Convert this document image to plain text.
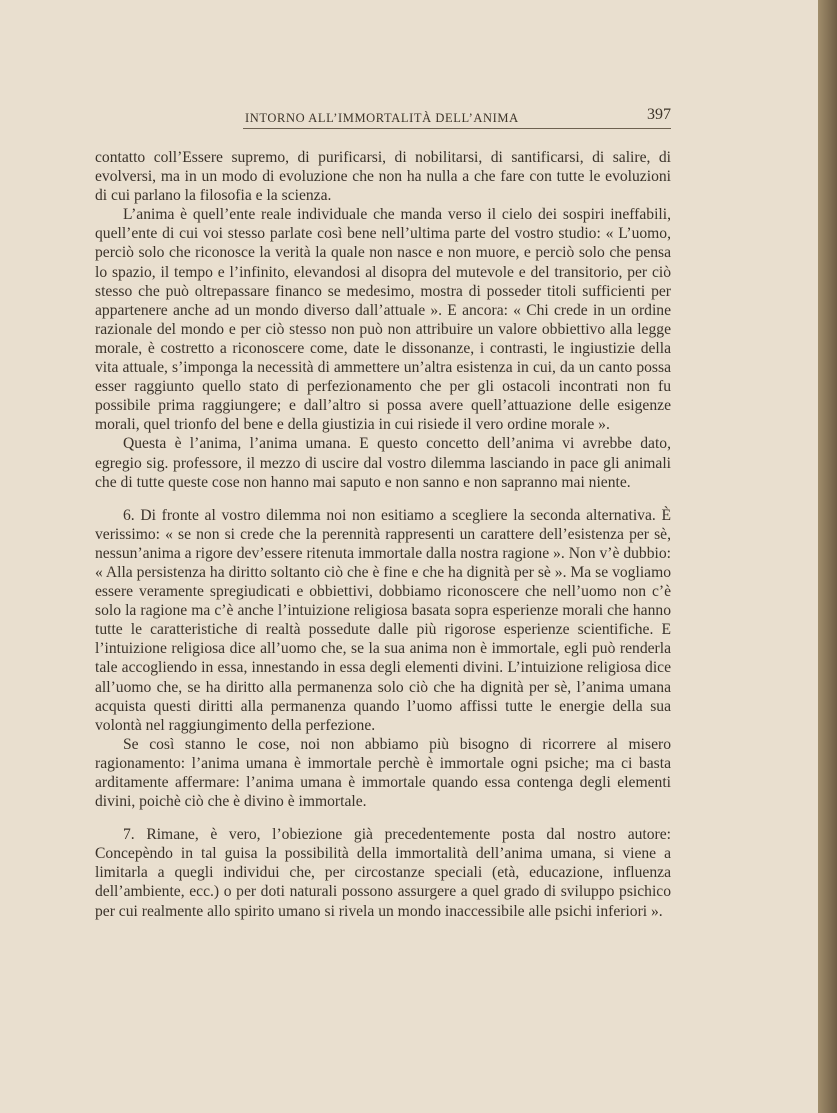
INTORNO ALL’IMMORTALITÀ DELL’ANIMA	397

contatto coll’Essere supremo, di purificarsi, di nobilitarsi, di santificarsi, di salire, di evolversi, ma in un modo di evoluzione che non ha nulla a che fare con tutte le evoluzioni di cui parlano la filosofia e la scienza.

L’anima è quell’ente reale individuale che manda verso il cielo dei sospiri ineffabili, quell’ente di cui voi stesso parlate così bene nell’ultima parte del vostro studio: « L’uomo, perciò solo che riconosce la verità la quale non nasce e non muore, e perciò solo che pensa lo spazio, il tempo e l’infinito, elevandosi al disopra del mutevole e del transitorio, per ciò stesso che può oltrepassare financo se medesimo, mostra di posseder titoli sufficienti per appartenere anche ad un mondo diverso dall’attuale ». E ancora: « Chi crede in un ordine razionale del mondo e per ciò stesso non può non attribuire un valore obbiettivo alla legge morale, è costretto a riconoscere come, date le dissonanze, i contrasti, le ingiustizie della vita attuale, s’imponga la necessità di ammettere un’altra esistenza in cui, da un canto possa esser raggiunto quello stato di perfezionamento che per gli ostacoli incontrati non fu possibile prima raggiungere; e dall’altro si possa avere quell’attuazione delle esigenze morali, quel trionfo del bene e della giustizia in cui risiede il vero ordine morale ».

Questa è l’anima, l’anima umana. E questo concetto dell’anima vi avrebbe dato, egregio sig. professore, il mezzo di uscire dal vostro dilemma lasciando in pace gli animali che di tutte queste cose non hanno mai saputo e non sanno e non sapranno mai niente.

6. Di fronte al vostro dilemma noi non esitiamo a scegliere la seconda alternativa. È verissimo: « se non si crede che la perennità rappresenti un carattere dell’esistenza per sè, nessun’anima a rigore dev’essere ritenuta immortale dalla nostra ragione ». Non v’è dubbio: « Alla persistenza ha diritto soltanto ciò che è fine e che ha dignità per sè ». Ma se vogliamo essere veramente spregiudicati e obbiettivi, dobbiamo riconoscere che nell’uomo non c’è solo la ragione ma c’è anche l’intuizione religiosa basata sopra esperienze morali che hanno tutte le caratteristiche di realtà possedute dalle più rigorose esperienze scientifiche. E l’intuizione religiosa dice all’uomo che, se la sua anima non è immortale, egli può renderla tale accogliendo in essa, innestando in essa degli elementi divini. L’intuizione religiosa dice all’uomo che, se ha diritto alla permanenza solo ciò che ha dignità per sè, l’anima umana acquista questi diritti alla permanenza quando l’uomo affissi tutte le energie della sua volontà nel raggiungimento della perfezione.

Se così stanno le cose, noi non abbiamo più bisogno di ricorrere al misero ragionamento: l’anima umana è immortale perchè è immortale ogni psiche; ma ci basta arditamente affermare: l’anima umana è immortale quando essa contenga degli elementi divini, poichè ciò che è divino è immortale.

7. Rimane, è vero, l’obiezione già precedentemente posta dal nostro autore: Concepèndo in tal guisa la possibilità della immortalità dell’anima umana, si viene a limitarla a quegli individui che, per circostanze speciali (età, educazione, influenza dell’ambiente, ecc.) o per doti naturali possono assurgere a quel grado di sviluppo psichico per cui realmente allo spirito umano si rivela un mondo inaccessibile alle psichi inferiori ».
